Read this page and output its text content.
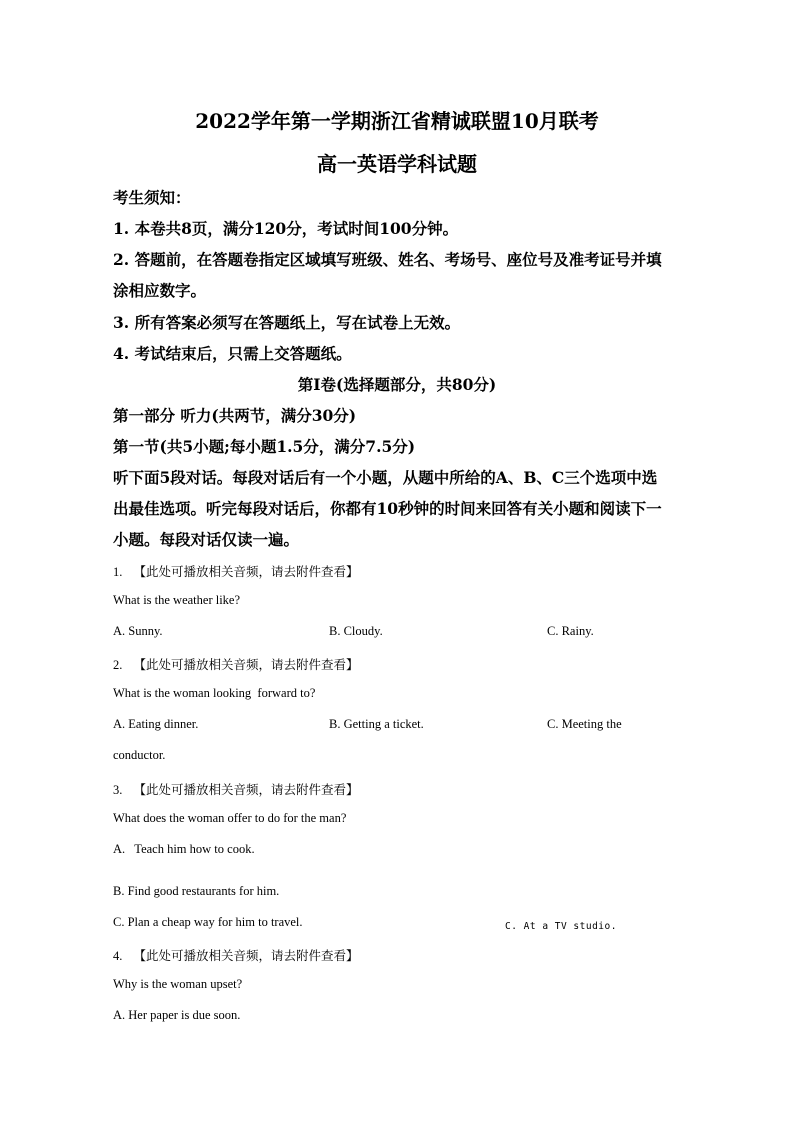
2022学年第一学期浙江省精诚联盟10月联考
高一英语学科试题
考生须知：
1. 本卷共8页，满分120分，考试时间100分钟。
2. 答题前，在答题卷指定区域填写班级、姓名、考场号、座位号及准考证号并填
涂相应数字。
3. 所有答案必须写在答题纸上，写在试卷上无效。
4. 考试结束后，只需上交答题纸。
第Ⅰ卷(选择题部分，共80分)
第一部分 听力(共两节，满分30分)
第一节(共5小题;每小题1.5分，满分7.5分)
听下面5段对话。每段对话后有一个小题，从题中所给的A、B、C三个选项中选
出最佳选项。听完每段对话后，你都有10秒钟的时间来回答有关小题和阅读下一
小题。每段对话仅读一遍。
1. 【此处可播放相关音频，请去附件查看】
What is the weather like?
A. Sunny.	B. Cloudy.	C. Rainy.
2. 【此处可播放相关音频，请去附件查看】
What is the woman looking  forward to?
A. Eating dinner.	B. Getting a ticket.	C. Meeting the
conductor.
3. 【此处可播放相关音频，请去附件查看】
What does the woman offer to do for the man?
A.   Teach him how to cook.
B. Find good restaurants for him.
C. Plan a cheap way for him to travel.	C. At a TV studio.
4. 【此处可播放相关音频，请去附件查看】
Why is the woman upset?
A. Her paper is due soon.
